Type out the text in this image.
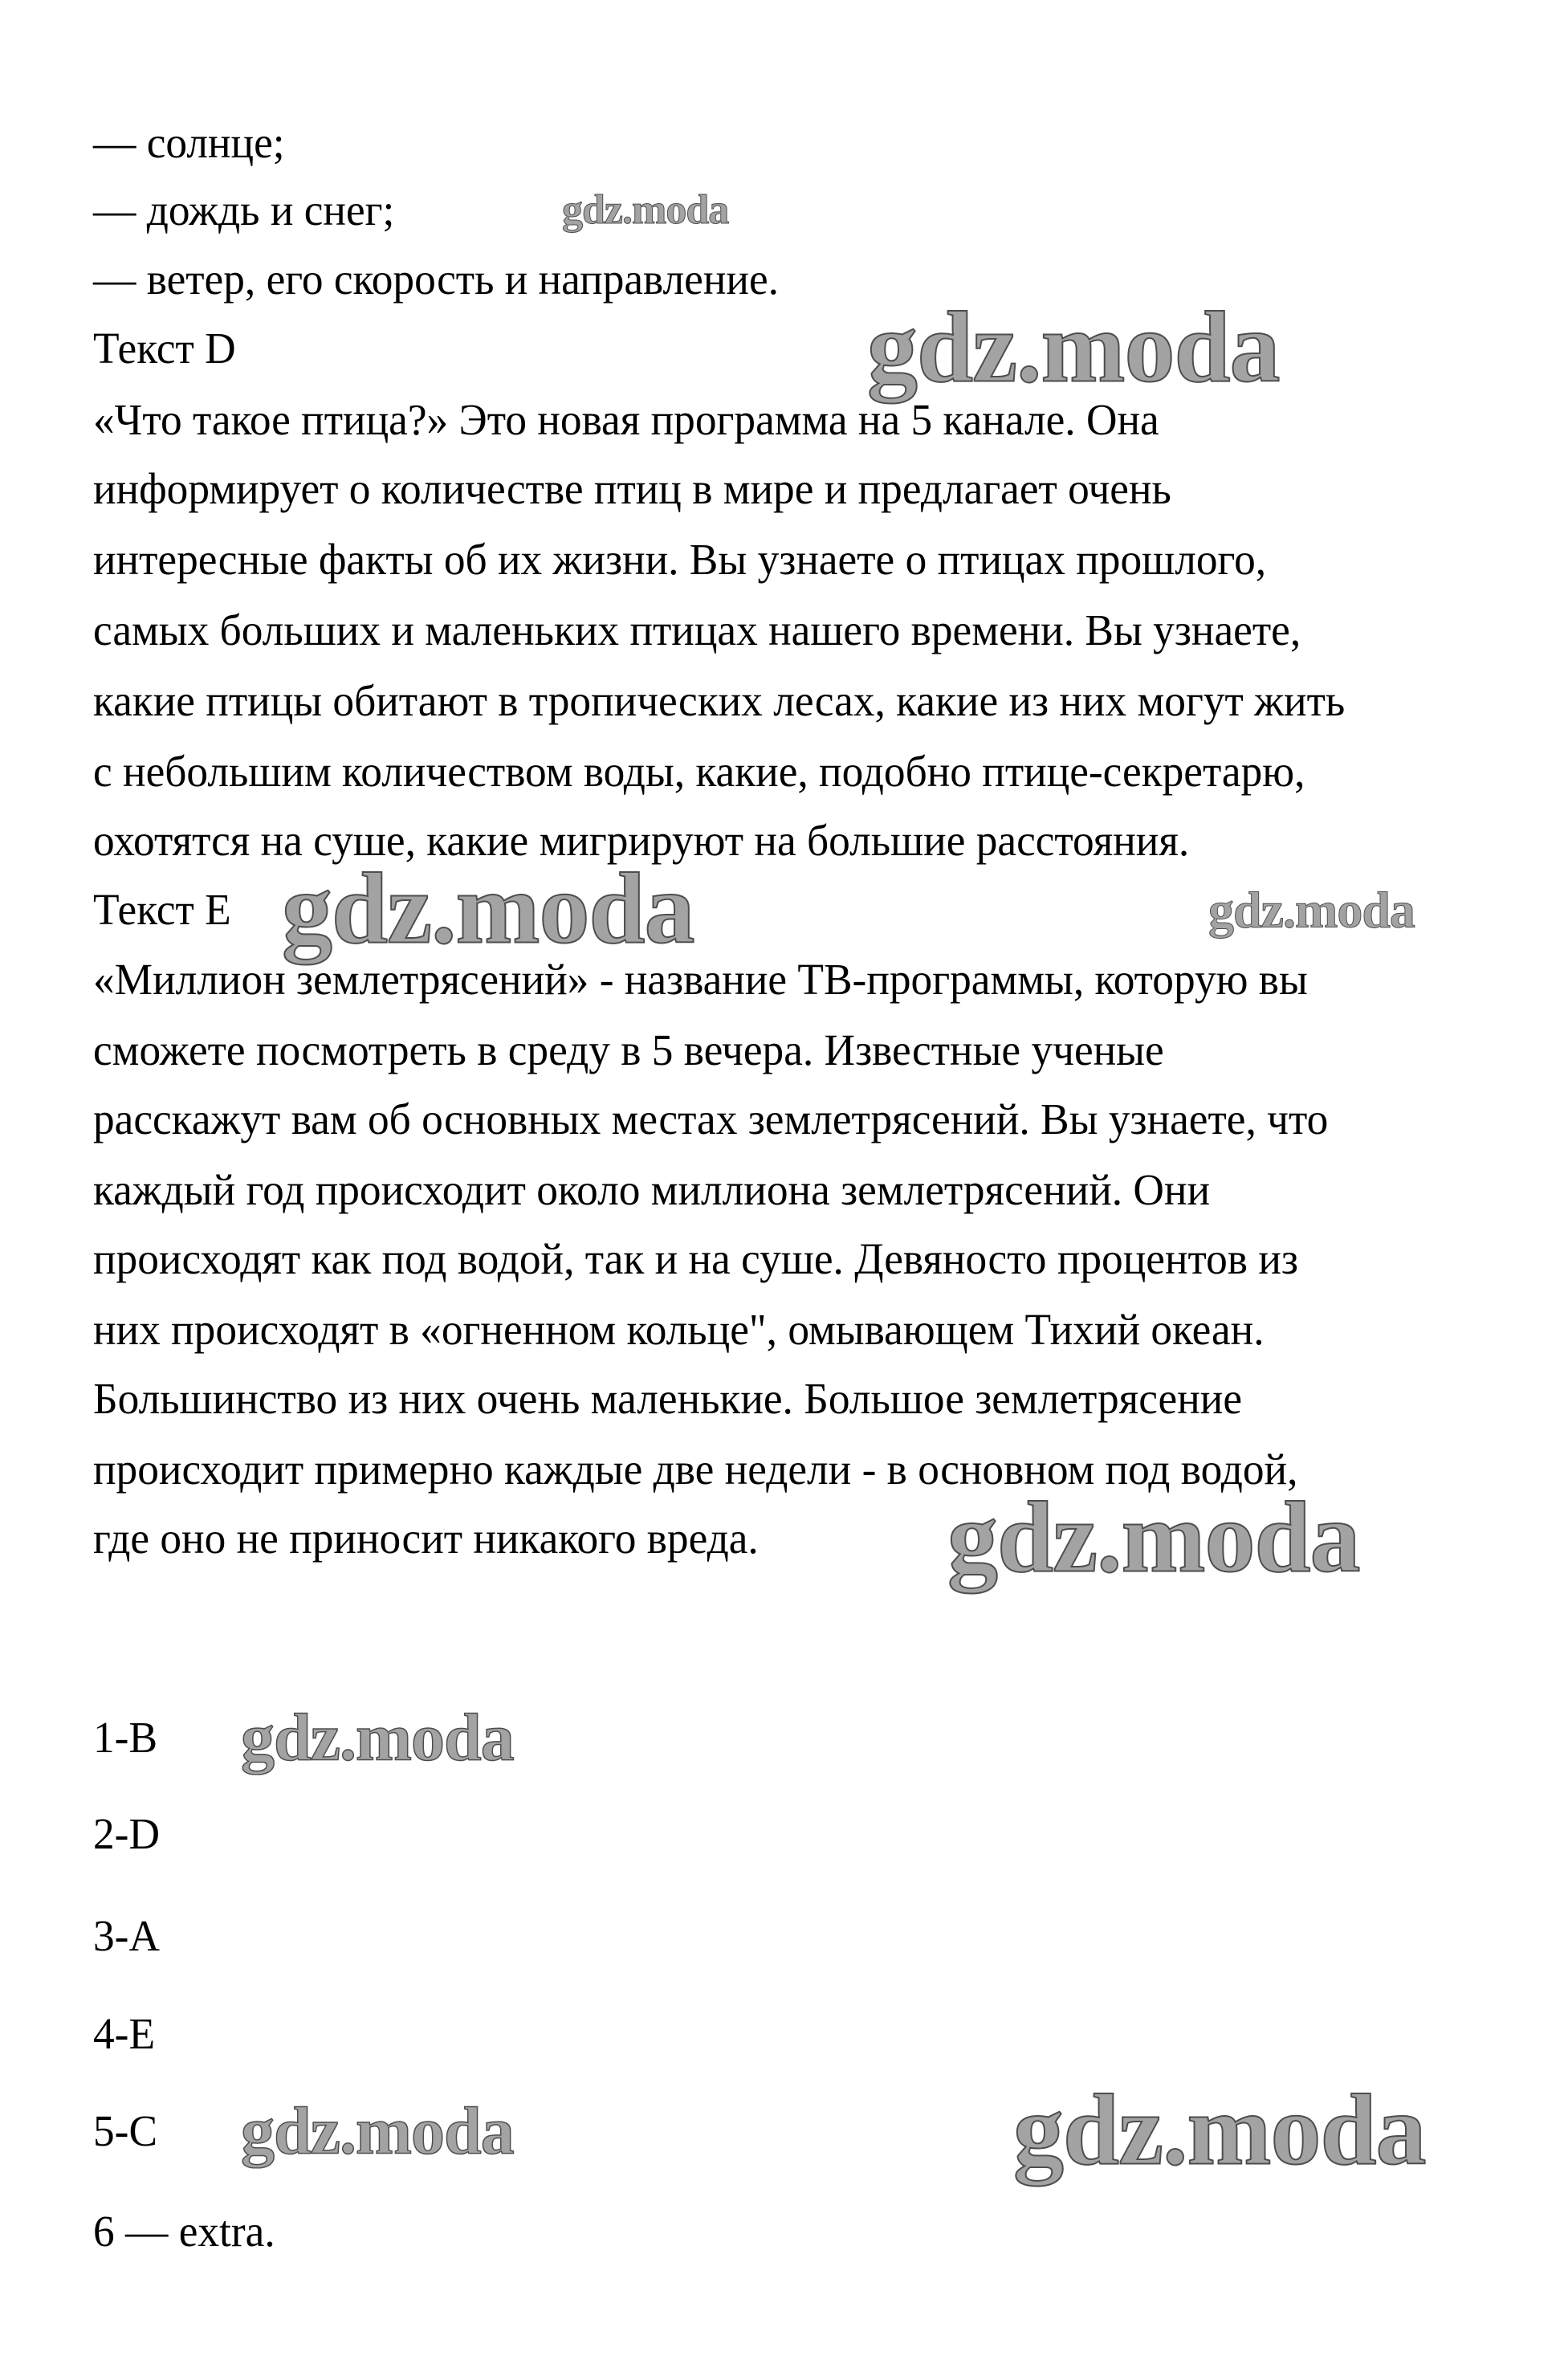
— солнце;
— дождь и снег;
— ветер, его скорость и направление.
Текст D
«Что такое птица?» Это новая программа на 5 канале. Она
информирует о количестве птиц в мире и предлагает очень
интересные факты об их жизни. Вы узнаете о птицах прошлого,
самых больших и маленьких птицах нашего времени. Вы узнаете,
какие птицы обитают в тропических лесах, какие из них могут жить
с небольшим количеством воды, какие, подобно птице-секретарю,
охотятся на суше, какие мигрируют на большие расстояния.
Текст E
«Миллион землетрясений» - название ТВ-программы, которую вы
сможете посмотреть в среду в 5 вечера. Известные ученые
расскажут вам об основных местах землетрясений. Вы узнаете, что
каждый год происходит около миллиона землетрясений. Они
происходят как под водой, так и на суше. Девяносто процентов из
них происходят в «огненном кольце", омывающем Тихий океан.
Большинство из них очень маленькие. Большое землетрясение
происходит примерно каждые две недели - в основном под водой,
где оно не приносит никакого вреда.
1-B
2-D
3-A
4-E
5-C
6 — extra.
gdz.moda
gdz.moda
gdz.moda	gdz.moda
gdz.moda
gdz.moda
gdz.moda	gdz.moda
